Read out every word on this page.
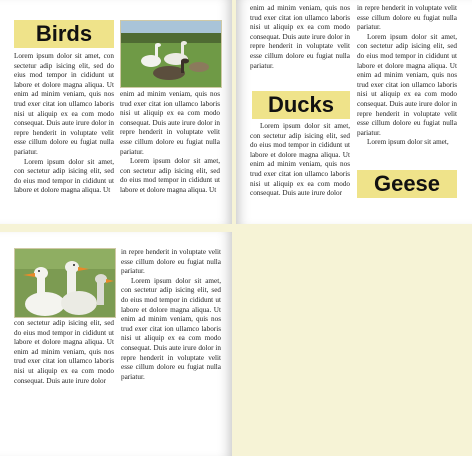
Birds

Lorem ipsum dolor sit amet, con sectetur adip isicing elit, sed do eius mod tempor in cididunt ut labore et dolore magna aliqua. Ut enim ad minim veniam, quis nos trud exer citat ion ullamco laboris nisi ut aliquip ex ea com modo consequat. Duis aute irure dolor in repre henderit in voluptate velit esse cillum dolore eu fugiat nulla pariatur.

Lorem ipsum dolor sit amet, con sectetur adip isicing elit, sed do eius mod tempor in cididunt ut labore et dolore magna aliqua. Ut

enim ad minim veniam, quis nos trud exer citat ion ullamco laboris nisi ut aliquip ex ea com modo consequat. Duis aute irure dolor in repre henderit in voluptate velit esse cillum dolore eu fugiat nulla pariatur.

Lorem ipsum dolor sit amet, con sectetur adip isicing elit, sed do eius mod tempor in cididunt ut labore et dolore magna aliqua. Ut

enim ad minim veniam, quis nos trud exer citat ion ullamco laboris nisi ut aliquip ex ea com modo consequat. Duis aute irure dolor in repre henderit in voluptate velit esse cillum dolore eu fugiat nulla pariatur.

Ducks

Lorem ipsum dolor sit amet, con sectetur adip isicing elit, sed do eius mod tempor in cididunt ut labore et dolore magna aliqua. Ut enim ad minim veniam, quis nos trud exer citat ion ullamco laboris nisi ut aliquip ex ea com modo consequat. Duis aute irure dolor

in repre henderit in voluptate velit esse cillum dolore eu fugiat nulla pariatur.

Lorem ipsum dolor sit amet, con sectetur adip isicing elit, sed do eius mod tempor in cididunt ut labore et dolore magna aliqua. Ut enim ad minim veniam, quis nos trud exer citat ion ullamco laboris nisi ut aliquip ex ea com modo consequat. Duis aute irure dolor in repre henderit in voluptate velit esse cillum dolore eu fugiat nulla pariatur.

Lorem ipsum dolor sit amet,

Geese

con sectetur adip isicing elit, sed do eius mod tempor in cididunt ut labore et dolore magna aliqua. Ut enim ad minim veniam, quis nos trud exer citat ion ullamco laboris nisi ut aliquip ex ea com modo consequat. Duis aute irure dolor

in repre henderit in voluptate velit esse cillum dolore eu fugiat nulla pariatur.

Lorem ipsum dolor sit amet, con sectetur adip isicing elit, sed do eius mod tempor in cididunt ut labore et dolore magna aliqua. Ut enim ad minim veniam, quis nos trud exer citat ion ullamco laboris nisi ut aliquip ex ea com modo consequat. Duis aute irure dolor in repre henderit in voluptate velit esse cillum dolore eu fugiat nulla pariatur.
